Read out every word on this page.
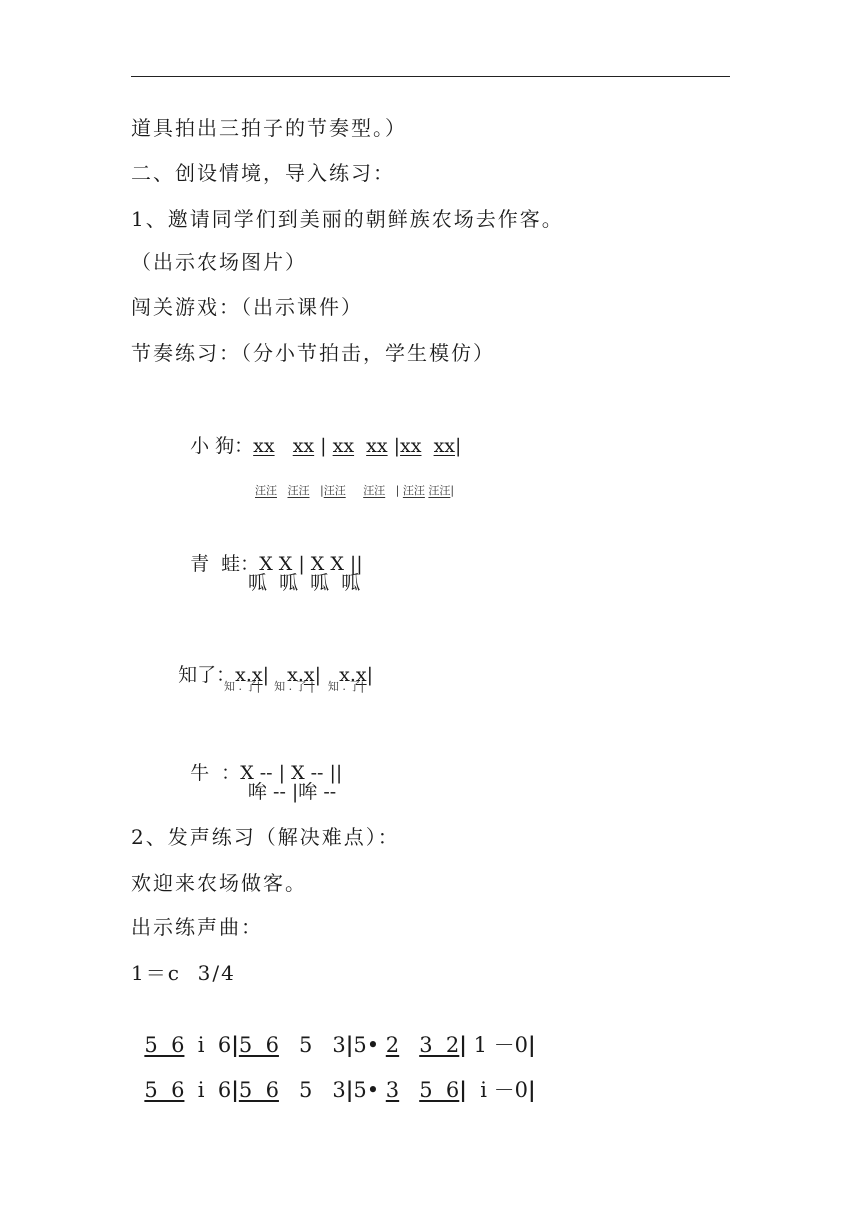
道具拍出三拍子的节奏型。）
二、创设情境，导入练习：
1、邀请同学们到美丽的朝鲜族农场去作客。
（出示农场图片）
闯关游戏：（出示课件）
节奏练习：（分小节拍击，学生模仿）

小 狗：xx xx | xx xx |xx xx|

汪汪 汪汪   |汪汪 汪汪   | 汪汪 汪汪|

青  蛙：X X | X X ||

呱  呱  呱  呱

知了：x.x|   x.x|   x.x|

知 . 了|    知 . 了 |    知 . 了|

牛  ：X -- | X -- ||

哞 -- |哞 --
2、发声练习（解决难点）：
欢迎来农场做客。
出示练声曲：
1＝c  3/4

5  6  i  6|5  6   5   3|5• 2 3  2| 1 －0|

5  6  i  6|5  6   5   3|5• 3 5  6|  i －0|
